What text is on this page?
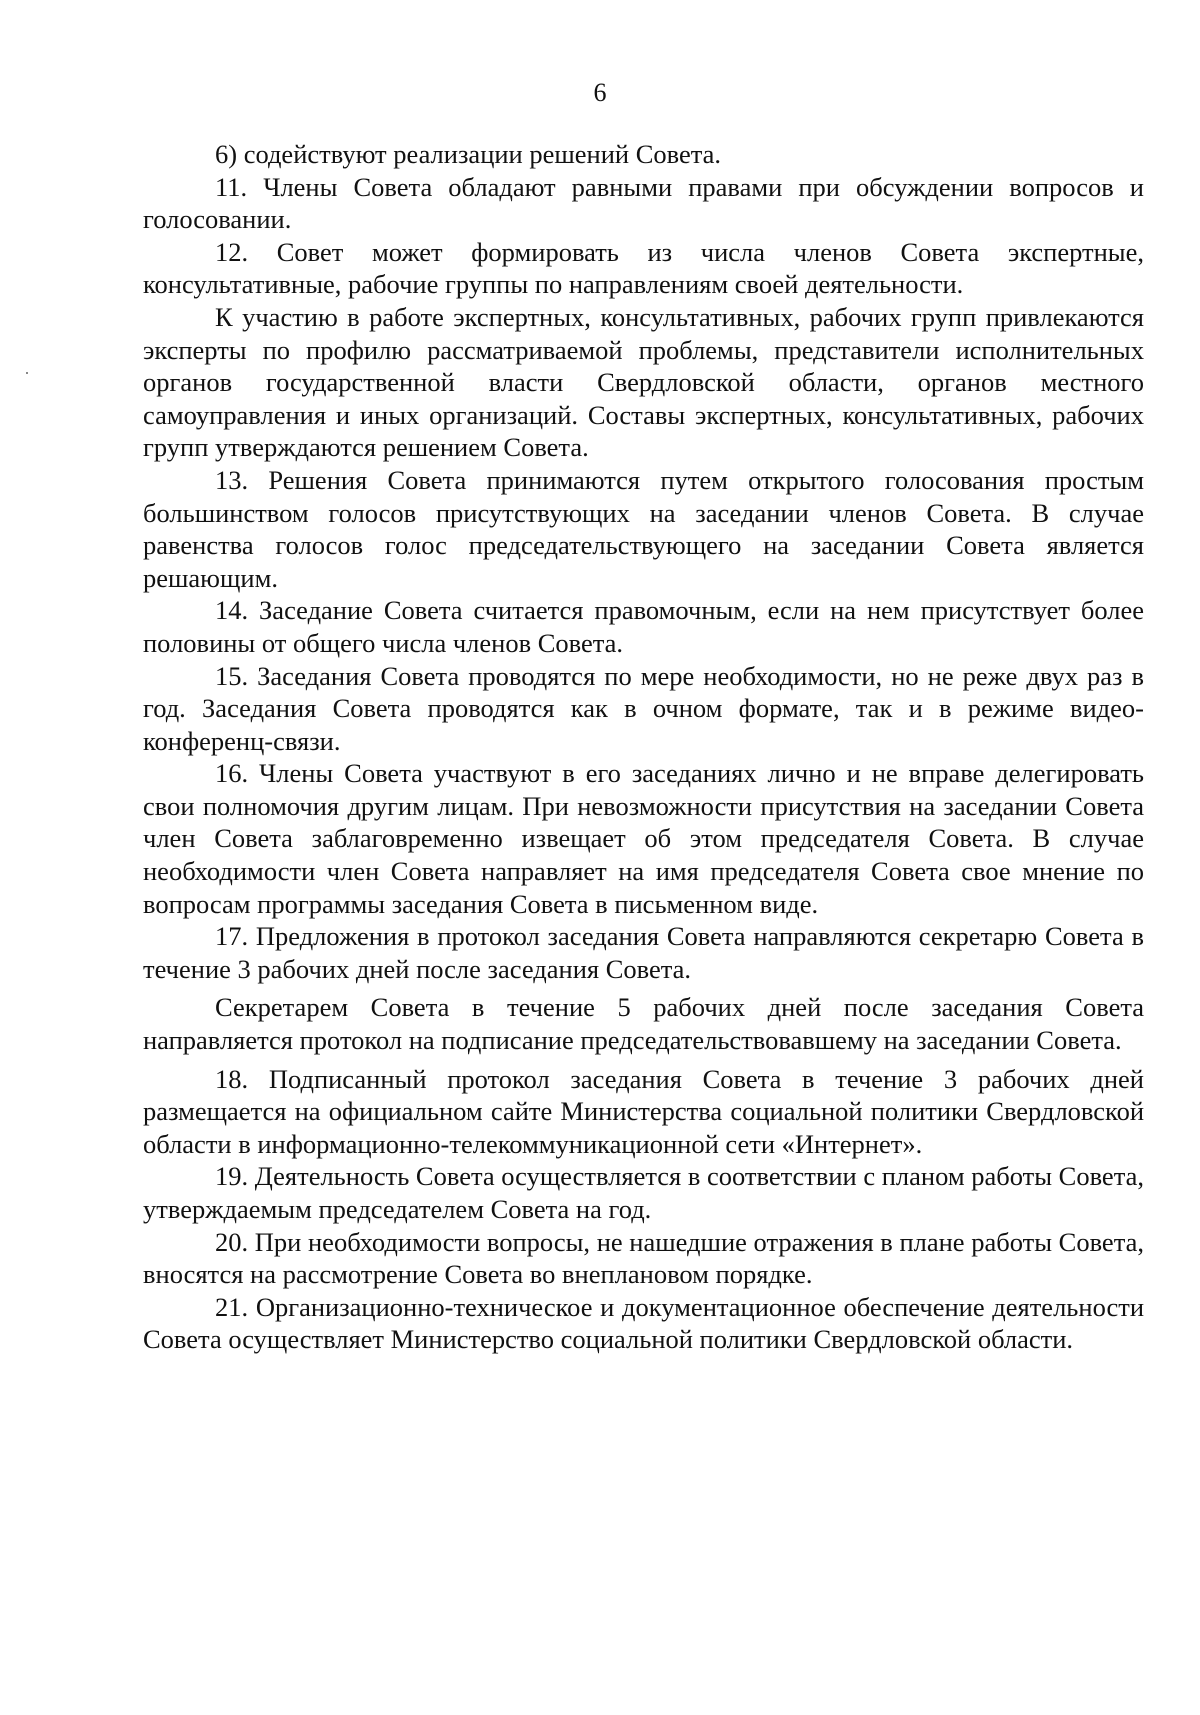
6

6) содействуют реализации решений Совета.

11. Члены Совета обладают равными правами при обсуждении вопросов и голосовании.

12. Совет может формировать из числа членов Совета экспертные, консультативные, рабочие группы по направлениям своей деятельности.

К участию в работе экспертных, консультативных, рабочих групп привлекаются эксперты по профилю рассматриваемой проблемы, представители исполнительных органов государственной власти Свердловской области, органов местного самоуправления и иных организаций. Составы экспертных, консультативных, рабочих групп утверждаются решением Совета.

13. Решения Совета принимаются путем открытого голосования простым большинством голосов присутствующих на заседании членов Совета. В случае равенства голосов голос председательствующего на заседании Совета является решающим.

14. Заседание Совета считается правомочным, если на нем присутствует более половины от общего числа членов Совета.

15. Заседания Совета проводятся по мере необходимости, но не реже двух раз в год. Заседания Совета проводятся как в очном формате, так и в режиме видео-конференц-связи.

16. Члены Совета участвуют в его заседаниях лично и не вправе делегировать свои полномочия другим лицам. При невозможности присутствия на заседании Совета член Совета заблаговременно извещает об этом председателя Совета. В случае необходимости член Совета направляет на имя председателя Совета свое мнение по вопросам программы заседания Совета в письменном виде.

17. Предложения в протокол заседания Совета направляются секретарю Совета в течение 3 рабочих дней после заседания Совета.

Секретарем Совета в течение 5 рабочих дней после заседания Совета направляется протокол на подписание председательствовавшему на заседании Совета.

18. Подписанный протокол заседания Совета в течение 3 рабочих дней размещается на официальном сайте Министерства социальной политики Свердловской области в информационно-телекоммуникационной сети «Интернет».

19. Деятельность Совета осуществляется в соответствии с планом работы Совета, утверждаемым председателем Совета на год.

20. При необходимости вопросы, не нашедшие отражения в плане работы Совета, вносятся на рассмотрение Совета во внеплановом порядке.

21. Организационно-техническое и документационное обеспечение деятельности Совета осуществляет Министерство социальной политики Свердловской области.
